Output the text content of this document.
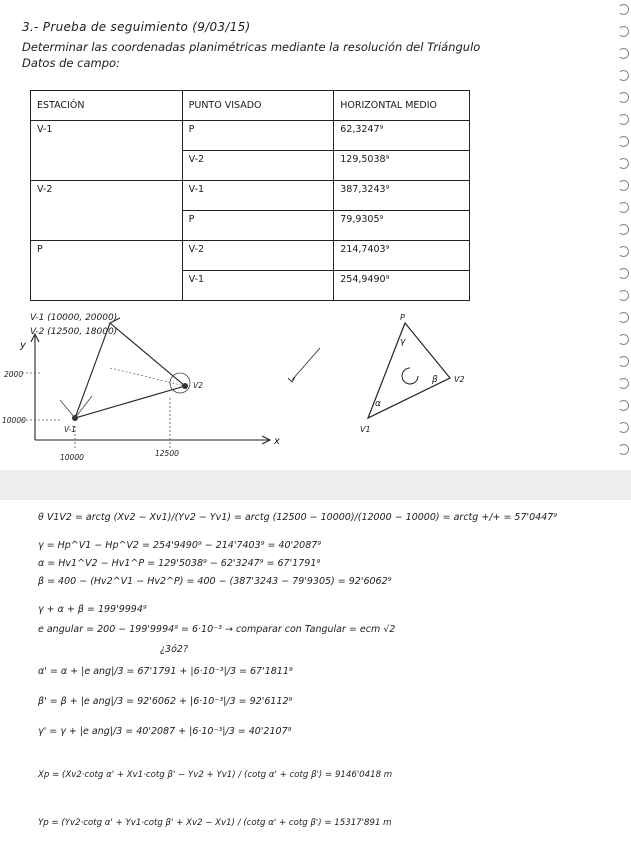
3.- Prueba de seguimiento (9/03/15)
Determinar las coordenadas planimétricas mediante la resolución del Triángulo
Datos de campo:
ESTACIÓN	PUNTO VISADO	HORIZONTAL MEDIO
V-1	P	62,3247⁹
	V-2	129,5038⁹
V-2	V-1	387,3243⁹
	P	79,9305⁹
P	V-2	214,7403⁹
	V-1	254,9490⁹
V-1 (10000, 20000)
V-2 (12500, 18000)
y
x
2000
10000
10000	12500
V-1
V2
P
V1
V2
α
β
γ
θ V1V2 = arctg (Xv2 − Xv1)/(Yv2 − Yv1) = arctg (12500 − 10000)/(12000 − 10000) = arctg +/+ = 57'0447⁹
γ = Hp^V1 − Hp^V2 = 254'9490⁹ − 214'7403⁹ = 40'2087⁹
α = Hv1^V2 − Hv1^P = 129'5038⁹ − 62'3247⁹ = 67'1791⁹
β = 400 − (Hv2^V1 − Hv2^P) = 400 − (387'3243 − 79'9305) = 92'6062⁹
γ + α + β = 199'9994⁹
e angular = 200 − 199'9994⁹ = 6·10⁻³ → comparar con Tangular = ecm √2
¿3ó2?
α' = α + |e ang|/3 = 67'1791 + |6·10⁻³|/3 = 67'1811⁹
β' = β + |e ang|/3 = 92'6062 + |6·10⁻³|/3 = 92'6112⁹
γ' = γ + |e ang|/3 = 40'2087 + |6·10⁻³|/3 = 40'2107⁹
Xp = (Xv2·cotg α' + Xv1·cotg β' − Yv2 + Yv1) / (cotg α' + cotg β') = 9146'0418 m
Yp = (Yv2·cotg α' + Yv1·cotg β' + Xv2 − Xv1) / (cotg α' + cotg β') = 15317'891 m
